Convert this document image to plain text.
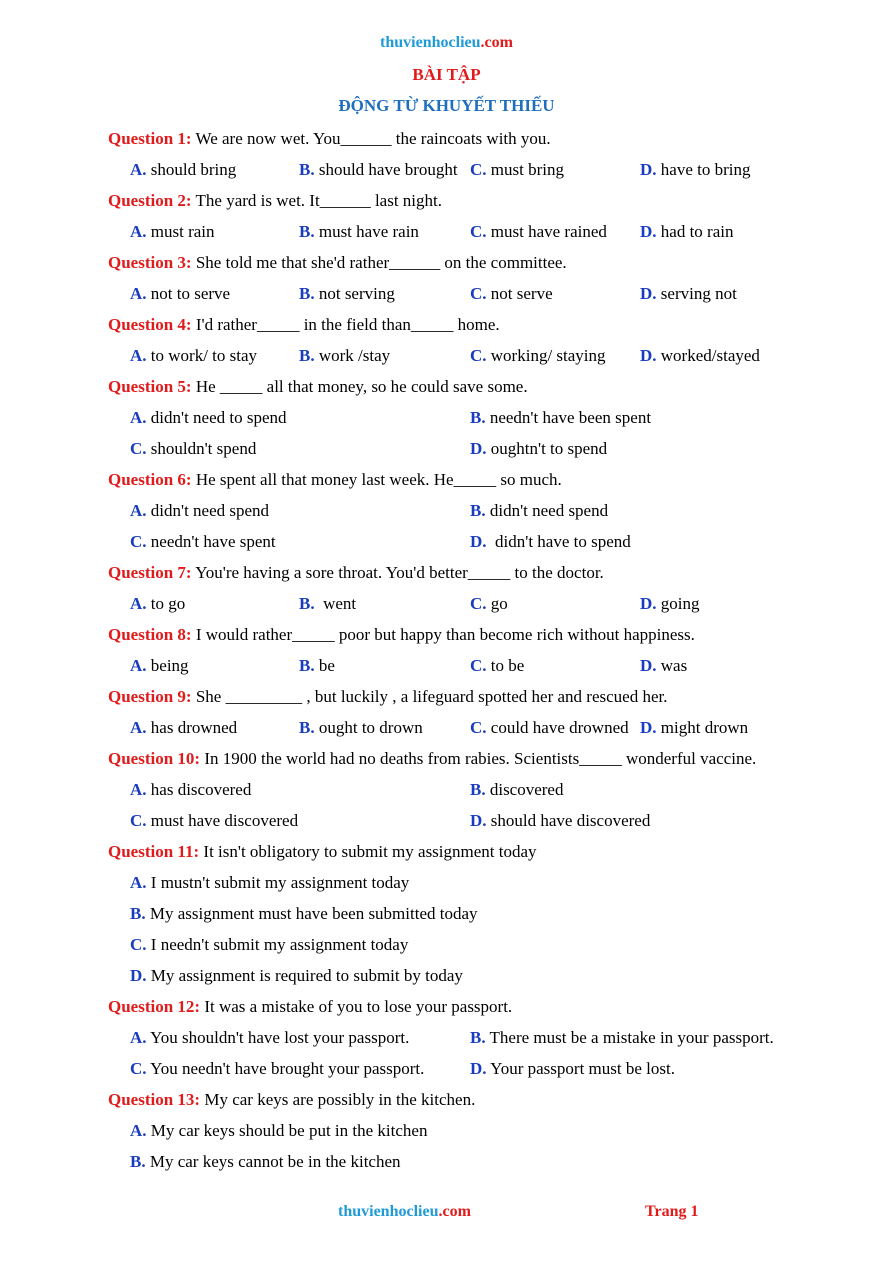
thuvienhoclieu.com
BÀI TẬP
ĐỘNG TỪ KHUYẾT THIẾU
Question 1: We are now wet. You______ the raincoats with you.
A. should bring	B. should have brought C. must bring	D. have to bring
Question 2: The yard is wet. It______ last night.
A. must rain	B. must have rain	C. must have rained D. had to rain
Question 3: She told me that she'd rather______ on the committee.
A. not to serve	B. not serving	C. not serve	D. serving not
Question 4: I'd rather_____ in the field than_____ home.
A. to work/ to stay B. work /stay	C. working/ staying D. worked/stayed
Question 5: He _____ all that money, so he could save some.
A. didn't need to spend	B. needn't have been spent
C. shouldn't spend	D. oughtn't to spend
Question 6: He spent all that money last week. He_____ so much.
A. didn't need spend	B. didn't need spend
C. needn't have spent	D.  didn't have to spend
Question 7: You're having a sore throat. You'd better_____ to the doctor.
A. to go	B.  went	C. go	D. going
Question 8: I would rather_____ poor but happy than become rich without happiness.
A. being	B. be	C. to be	D. was
Question 9: She _________ , but luckily , a lifeguard spotted her and rescued her.
A. has drowned	B. ought to drown	C. could have drowned D. might drown
Question 10: In 1900 the world had no deaths from rabies. Scientists_____ wonderful vaccine.
A. has discovered	B. discovered
C. must have discovered	D. should have discovered
Question 11: It isn't obligatory to submit my assignment today
A. I mustn't submit my assignment today
B. My assignment must have been submitted today
C. I needn't submit my assignment today
D. My assignment is required to submit by today
Question 12: It was a mistake of you to lose your passport.
A. You shouldn't have lost your passport.	B. There must be a mistake in your passport.
C. You needn't have brought your passport.	D. Your passport must be lost.
Question 13: My car keys are possibly in the kitchen.
A. My car keys should be put in the kitchen
B. My car keys cannot be in the kitchen
thuvienhoclieu.com	Trang 1
